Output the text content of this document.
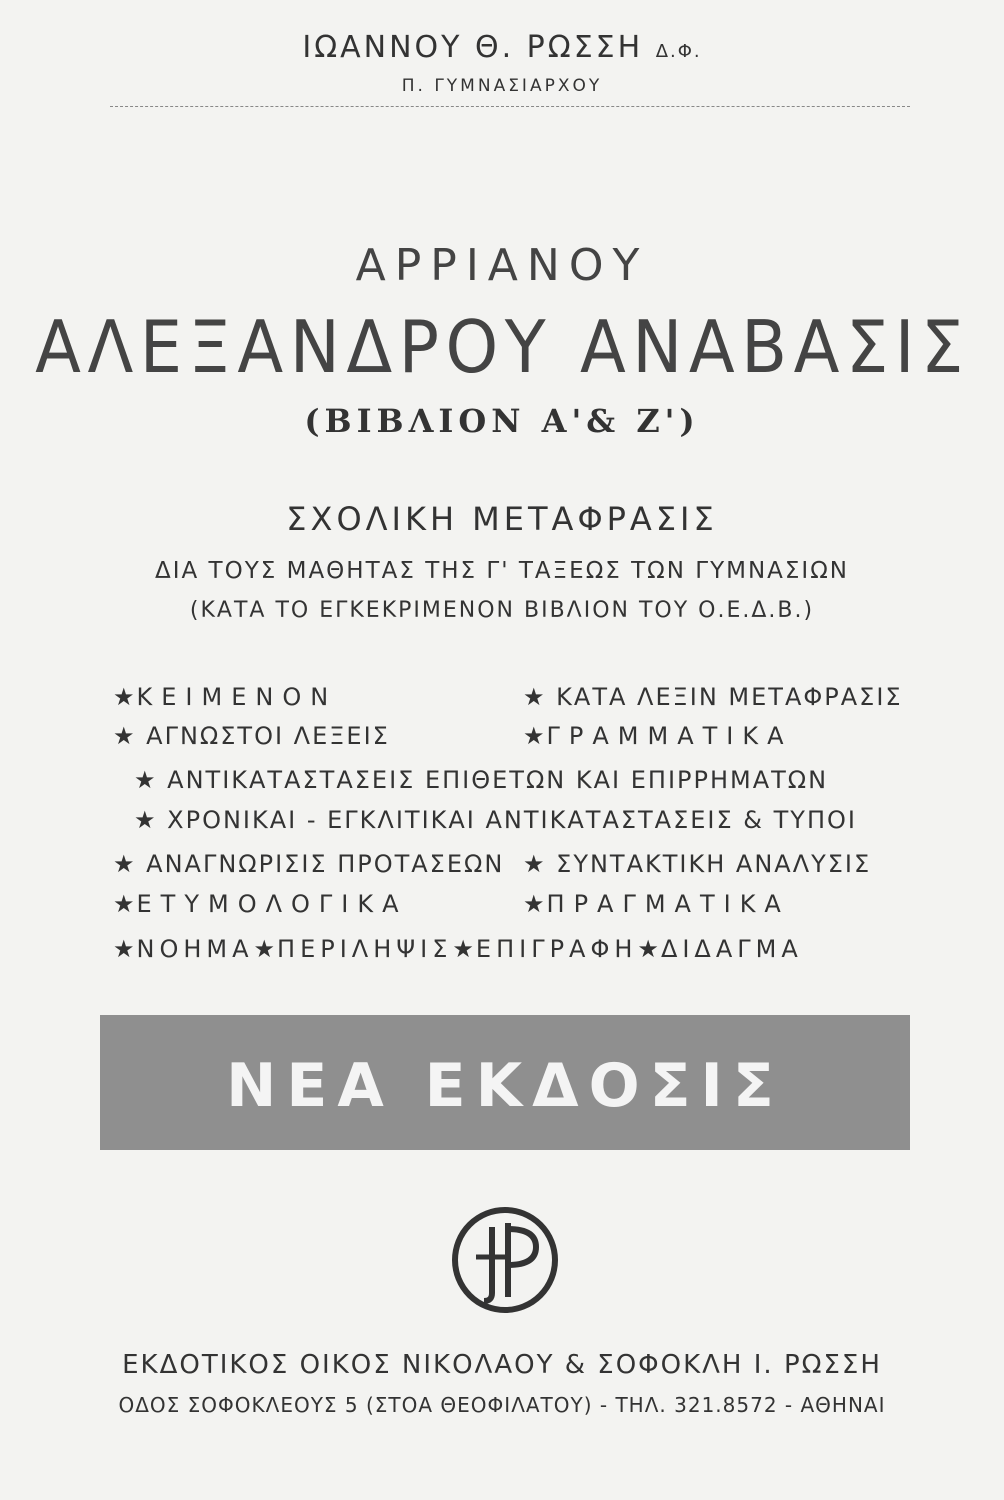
ΙΩΑΝΝΟΥ Θ. ΡΩΣΣΗ Δ.Φ.
Π. ΓΥΜΝΑΣΙΑΡΧΟΥ
ΑΡΡΙΑΝΟΥ
ΑΛΕΞΑΝΔΡΟΥ ΑΝΑΒΑΣΙΣ
(ΒΙΒΛΙΟΝ Α'& Ζ')
ΣΧΟΛΙΚΗ ΜΕΤΑΦΡΑΣΙΣ
ΔΙΑ ΤΟΥΣ ΜΑΘΗΤΑΣ ΤΗΣ Γ' ΤΑΞΕΩΣ ΤΩΝ ΓΥΜΝΑΣΙΩΝ
(ΚΑΤΑ ΤΟ ΕΓΚΕΚΡΙΜΕΝΟΝ ΒΙΒΛΙΟΝ ΤΟΥ Ο.Ε.Δ.Β.)
★ΚΕΙΜΕΝΟΝ	★ ΚΑΤΑ ΛΕΞΙΝ ΜΕΤΑΦΡΑΣΙΣ
★ ΑΓΝΩΣΤΟΙ ΛΕΞΕΙΣ	★ΓΡΑΜΜΑΤΙΚΑ
★ ΑΝΤΙΚΑΤΑΣΤΑΣΕΙΣ ΕΠΙΘΕΤΩΝ ΚΑΙ ΕΠΙΡΡΗΜΑΤΩΝ
★ ΧΡΟΝΙΚΑΙ - ΕΓΚΛΙΤΙΚΑΙ ΑΝΤΙΚΑΤΑΣΤΑΣΕΙΣ & ΤΥΠΟΙ
★ ΑΝΑΓΝΩΡΙΣΙΣ ΠΡΟΤΑΣΕΩΝ ★ ΣΥΝΤΑΚΤΙΚΗ ΑΝΑΛΥΣΙΣ
★ΕΤΥΜΟΛΟΓΙΚΑ	★ΠΡΑΓΜΑΤΙΚΑ
★ΝΟΗΜΑ★ΠΕΡΙΛΗΨΙΣ★ΕΠΙΓΡΑΦΗ★ΔΙΔΑΓΜΑ
ΝΕΑ ΕΚΔΟΣΙΣ
ΕΚΔΟΤΙΚΟΣ ΟΙΚΟΣ ΝΙΚΟΛΑΟΥ & ΣΟΦΟΚΛΗ Ι. ΡΩΣΣΗ
ΟΔΟΣ ΣΟΦΟΚΛΕΟΥΣ 5 (ΣΤΟΑ ΘΕΟΦΙΛΑΤΟΥ) - ΤΗΛ. 321.8572 - ΑΘΗΝΑΙ
